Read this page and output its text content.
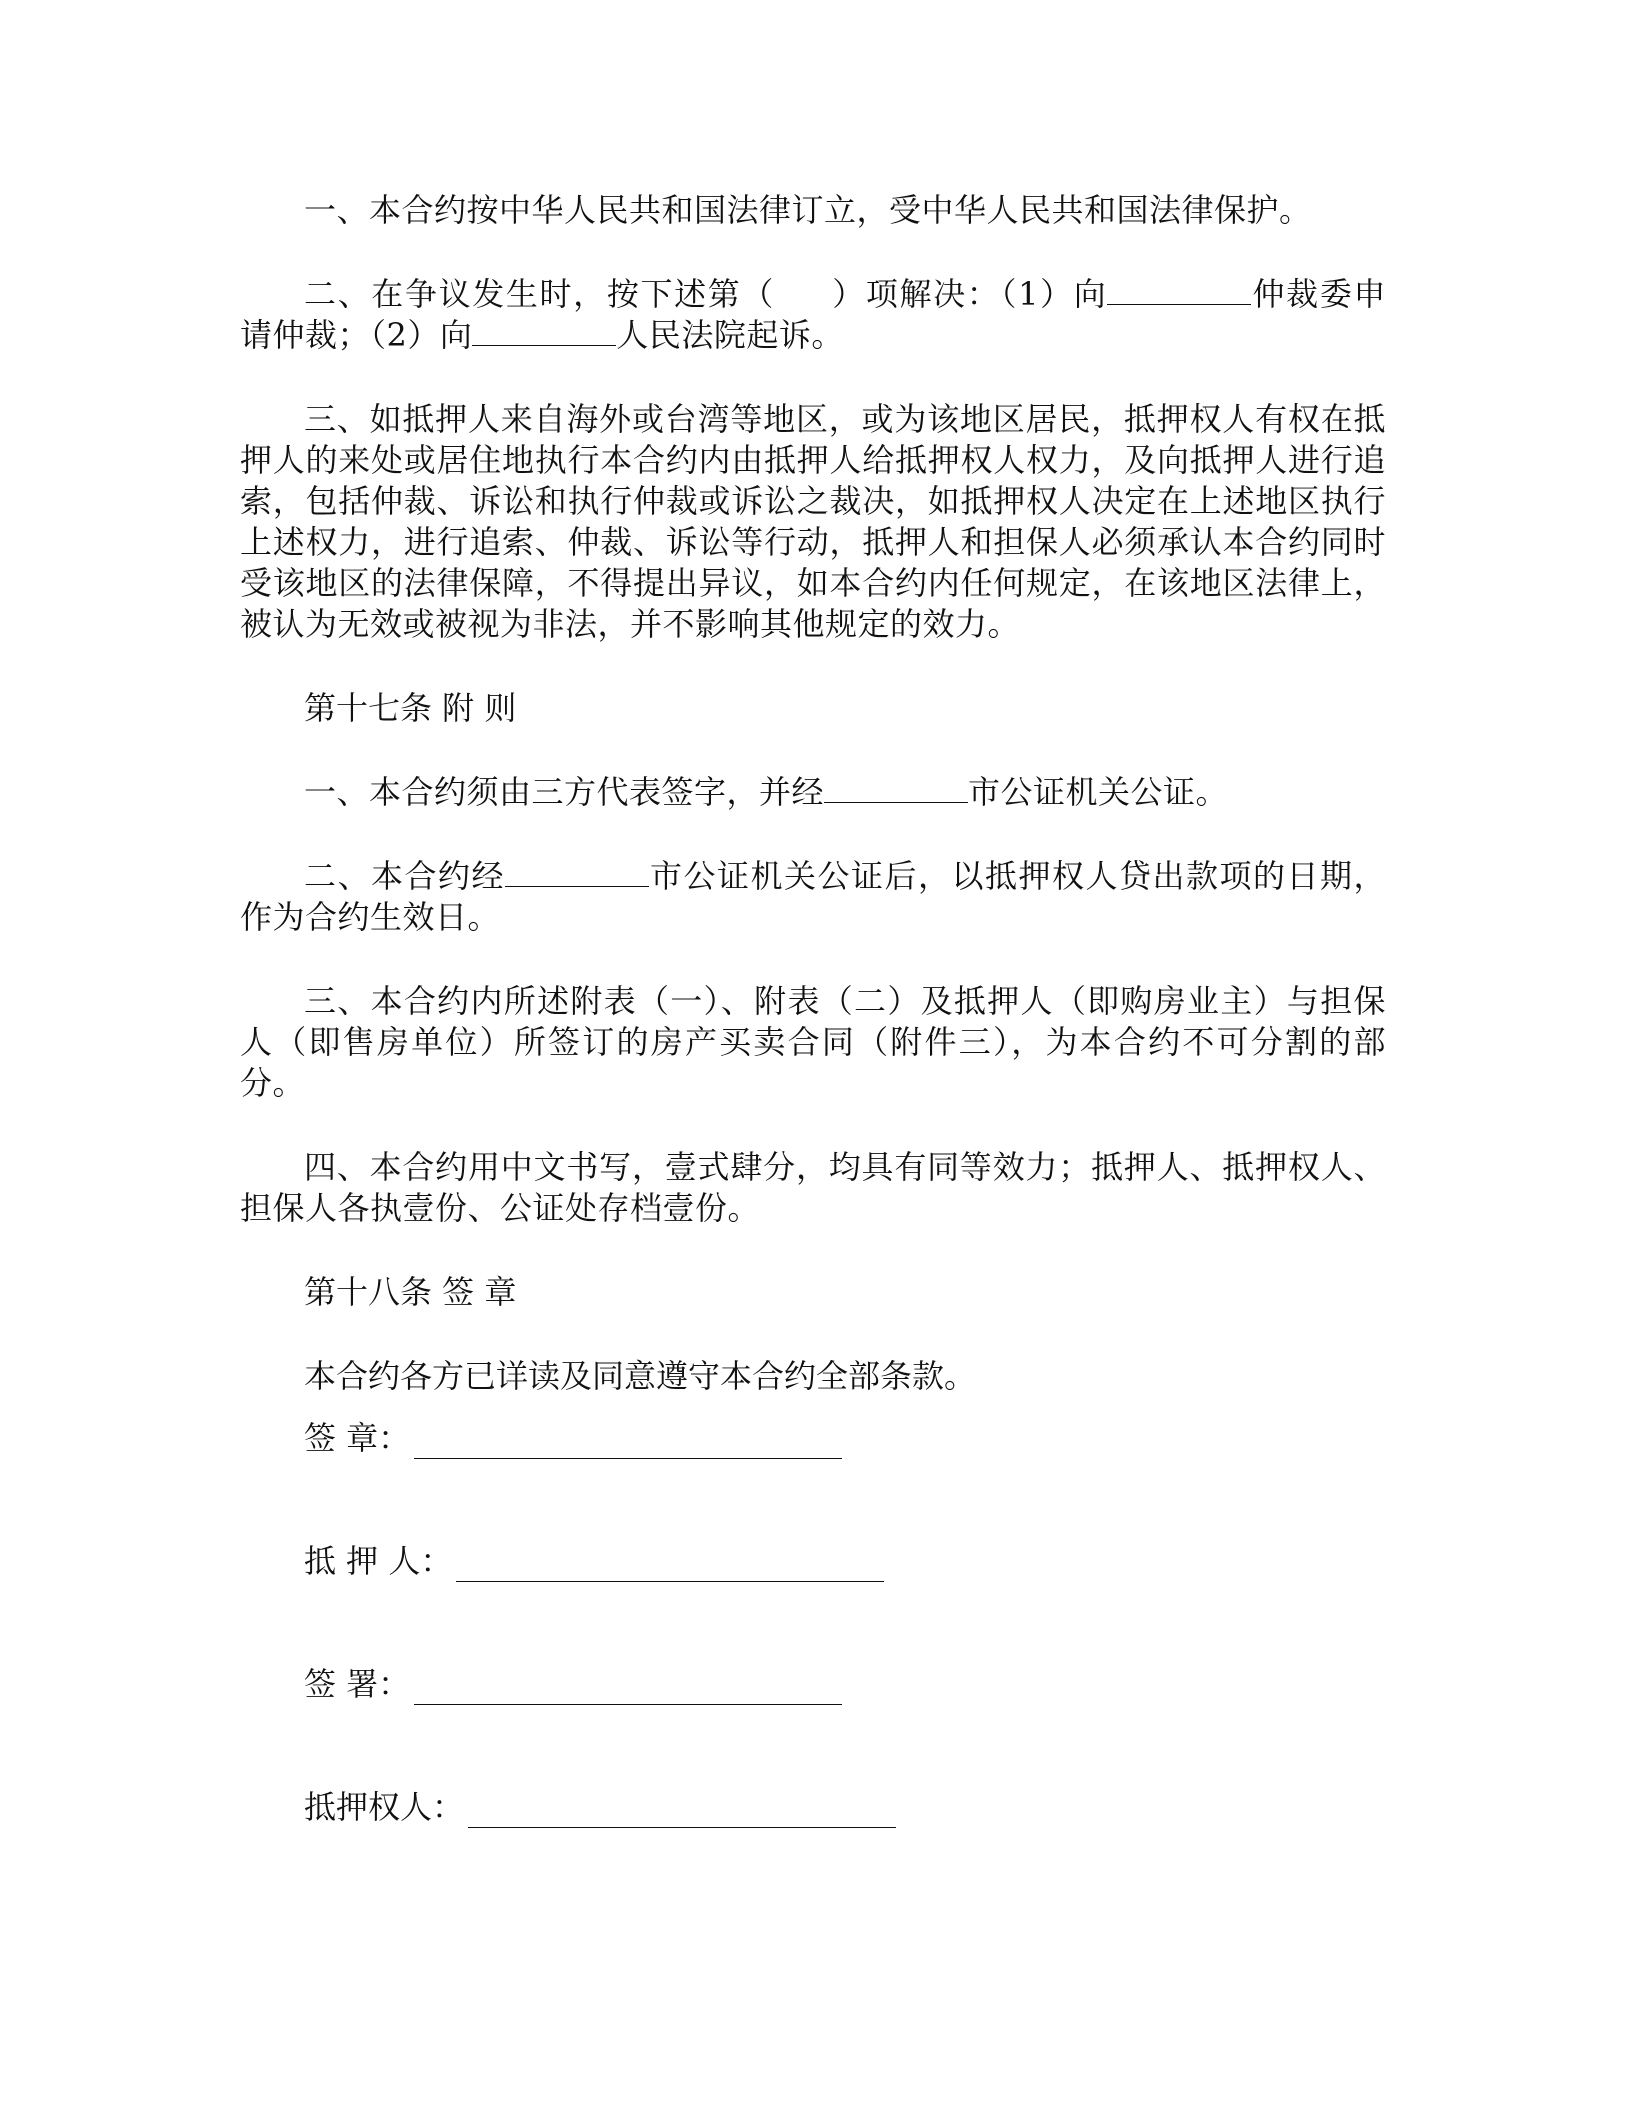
一、本合约按中华人民共和国法律订立，受中华人民共和国法律保护。

二、在争议发生时，按下述第（ ）项解决：（1）向	仲裁委申请仲裁；（2）向	人民法院起诉。

三、如抵押人来自海外或台湾等地区，或为该地区居民，抵押权人有权在抵押人的来处或居住地执行本合约内由抵押人给抵押权人权力，及向抵押人进行追索，包括仲裁、诉讼和执行仲裁或诉讼之裁决，如抵押权人决定在上述地区执行上述权力，进行追索、仲裁、诉讼等行动，抵押人和担保人必须承认本合约同时受该地区的法律保障，不得提出异议，如本合约内任何规定，在该地区法律上，被认为无效或被视为非法，并不影响其他规定的效力。

第十七条 附 则

一、本合约须由三方代表签字，并经	市公证机关公证。

二、本合约经	市公证机关公证后，以抵押权人贷出款项的日期，作为合约生效日。

三、本合约内所述附表（一）、附表（二）及抵押人（即购房业主）与担保人（即售房单位）所签订的房产买卖合同（附件三），为本合约不可分割的部分。

四、本合约用中文书写，壹式肆分，均具有同等效力；抵押人、抵押权人、担保人各执壹份、公证处存档壹份。

第十八条 签 章

本合约各方已详读及同意遵守本合约全部条款。

签 章：
抵 押 人：
签 署：
抵押权人：
